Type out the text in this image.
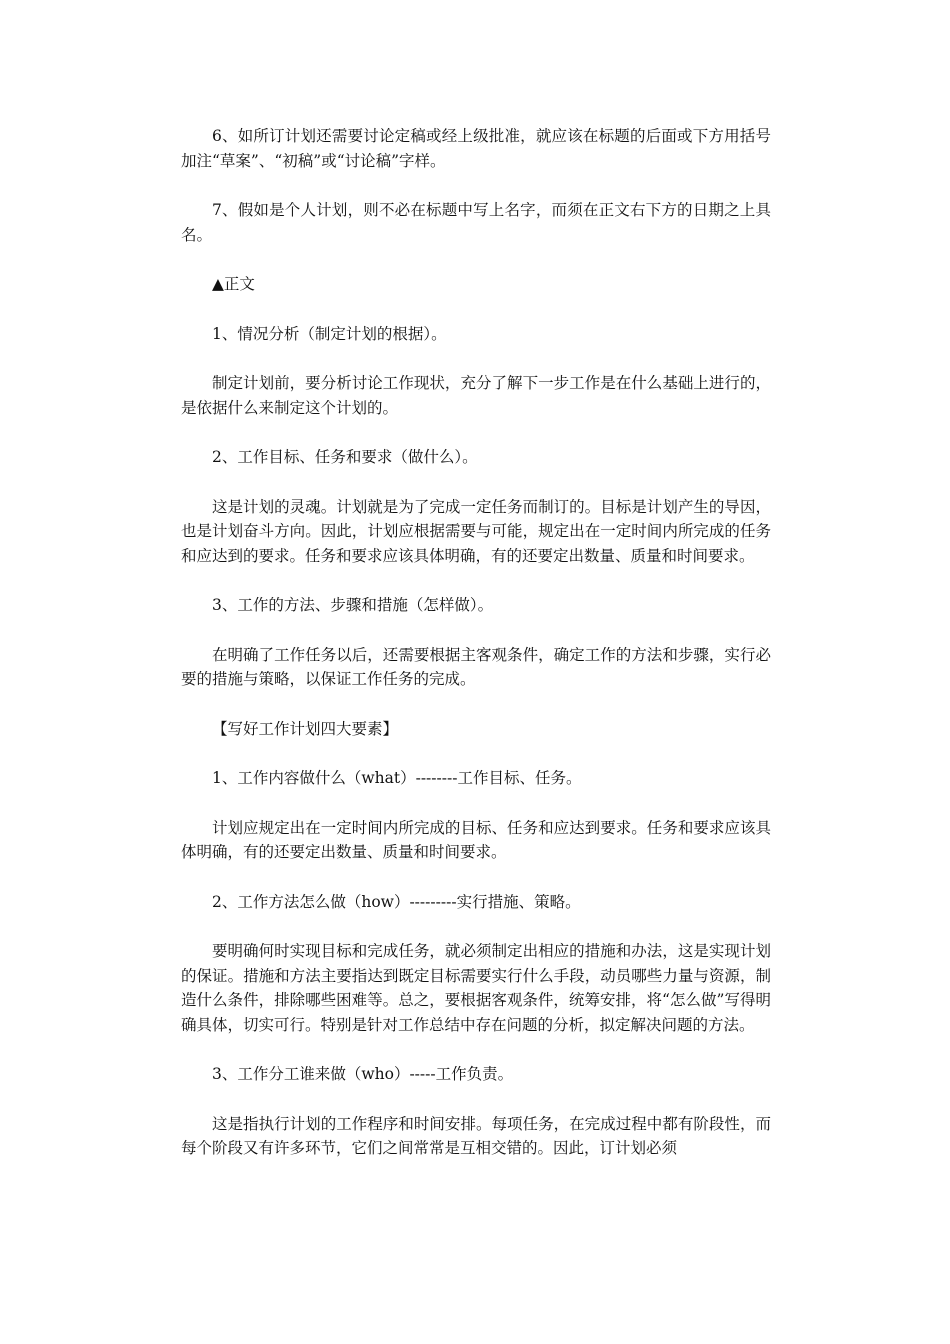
6、如所订计划还需要讨论定稿或经上级批准，就应该在标题的后面或下方用括号加注“草案”、“初稿”或“讨论稿”字样。

7、假如是个人计划，则不必在标题中写上名字，而须在正文右下方的日期之上具名。

▲正文

1、情况分析（制定计划的根据）。

制定计划前，要分析讨论工作现状，充分了解下一步工作是在什么基础上进行的，是依据什么来制定这个计划的。

2、工作目标、任务和要求（做什么）。

这是计划的灵魂。计划就是为了完成一定任务而制订的。目标是计划产生的导因，也是计划奋斗方向。因此，计划应根据需要与可能，规定出在一定时间内所完成的任务和应达到的要求。任务和要求应该具体明确，有的还要定出数量、质量和时间要求。

3、工作的方法、步骤和措施（怎样做）。

在明确了工作任务以后，还需要根据主客观条件，确定工作的方法和步骤，实行必要的措施与策略，以保证工作任务的完成。

【写好工作计划四大要素】

1、工作内容做什么（what）--------工作目标、任务。

计划应规定出在一定时间内所完成的目标、任务和应达到要求。任务和要求应该具体明确，有的还要定出数量、质量和时间要求。

2、工作方法怎么做（how）---------实行措施、策略。

要明确何时实现目标和完成任务，就必须制定出相应的措施和办法，这是实现计划的保证。措施和方法主要指达到既定目标需要实行什么手段，动员哪些力量与资源，制造什么条件，排除哪些困难等。总之，要根据客观条件，统筹安排，将“怎么做”写得明确具体，切实可行。特别是针对工作总结中存在问题的分析，拟定解决问题的方法。

3、工作分工谁来做（who）-----工作负责。

这是指执行计划的工作程序和时间安排。每项任务，在完成过程中都有阶段性，而每个阶段又有许多环节，它们之间常常是互相交错的。因此，订计划必须
